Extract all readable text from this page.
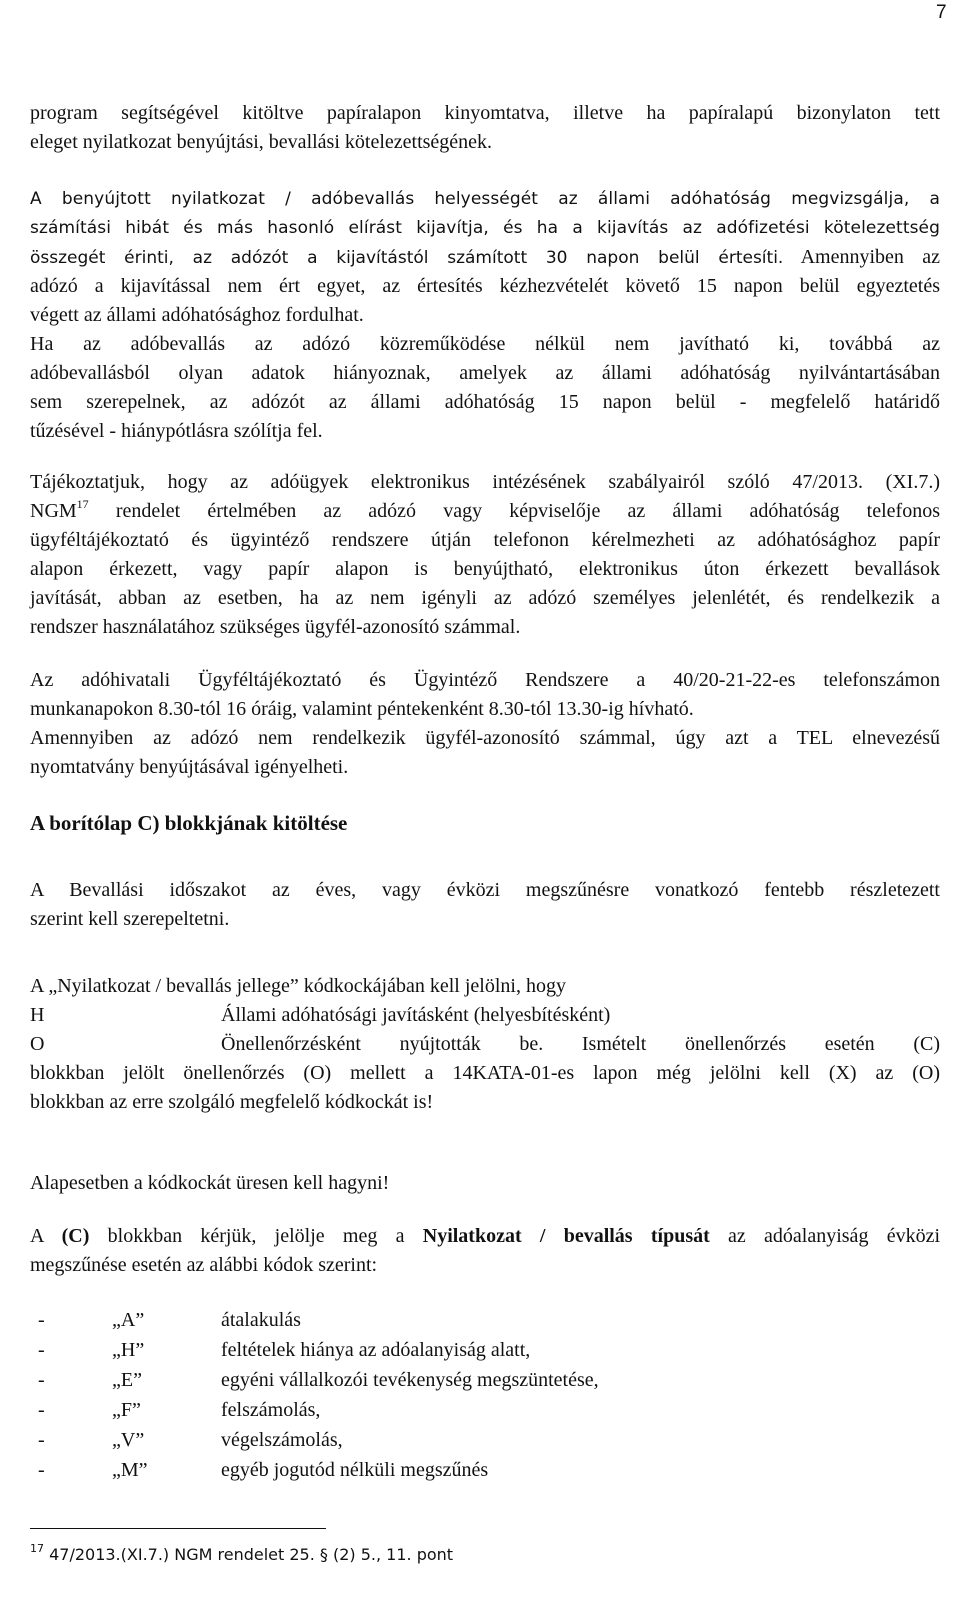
7
program segítségével kitöltve papíralapon kinyomtatva, illetve ha papíralapú bizonylaton tett
eleget nyilatkozat benyújtási, bevallási kötelezettségének.
A benyújtott nyilatkozat / adóbevallás helyességét az állami adóhatóság megvizsgálja, a
számítási hibát és más hasonló elírást kijavítja, és ha a kijavítás az adófizetési kötelezettség
összegét érinti, az adózót a kijavítástól számított 30 napon belül értesíti. Amennyiben az
adózó a kijavítással nem ért egyet, az értesítés kézhezvételét követő 15 napon belül egyeztetés
végett az állami adóhatósághoz fordulhat.
Ha az adóbevallás az adózó közreműködése nélkül nem javítható ki, továbbá az
adóbevallásból olyan adatok hiányoznak, amelyek az állami adóhatóság nyilvántartásában
sem szerepelnek, az adózót az állami adóhatóság 15 napon belül - megfelelő határidő
tűzésével - hiánypótlásra szólítja fel.
Tájékoztatjuk, hogy az adóügyek elektronikus intézésének szabályairól szóló 47/2013. (XI.7.)
NGM$^{17}$ rendelet értelmében az adózó vagy képviselője az állami adóhatóság telefonos
ügyféltájékoztató és ügyintéző rendszere útján telefonon kérelmezheti az adóhatósághoz papír
alapon érkezett, vagy papír alapon is benyújtható, elektronikus úton érkezett bevallások
javítását, abban az esetben, ha az nem igényli az adózó személyes jelenlétét, és rendelkezik a
rendszer használatához szükséges ügyfél-azonosító számmal.
Az adóhivatali Ügyféltájékoztató és Ügyintéző Rendszere a 40/20-21-22-es telefonszámon
munkanapokon 8.30-tól 16 óráig, valamint péntekenként 8.30-tól 13.30-ig hívható.
Amennyiben az adózó nem rendelkezik ügyfél-azonosító számmal, úgy azt a TEL elnevezésű
nyomtatvány benyújtásával igényelheti.
A borítólap C) blokkjának kitöltése
A Bevallási időszakot az éves, vagy évközi megszűnésre vonatkozó fentebb részletezett
szerint kell szerepeltetni.
A „Nyilatkozat / bevallás jellege” kódkockájában kell jelölni, hogy
H	Állami adóhatósági javításként (helyesbítésként)
O	Önellenőrzésként nyújtották be. Ismételt önellenőrzés esetén (C)
blokkban jelölt önellenőrzés (O) mellett a 14KATA-01-es lapon még jelölni kell (X) az (O)
blokkban az erre szolgáló megfelelő kódkockát is!
Alapesetben a kódkockát üresen kell hagyni!
A (C) blokkban kérjük, jelölje meg a Nyilatkozat / bevallás típusát az adóalanyiság évközi
megszűnése esetén az alábbi kódok szerint:
-	„A”	átalakulás
-	„H”	feltételek hiánya az adóalanyiság alatt,
-	„E”	egyéni vállalkozói tevékenység megszüntetése,
-	„F”	felszámolás,
-	„V”	végelszámolás,
-	„M”	egyéb jogutód nélküli megszűnés
$^{17}$ 47/2013.(XI.7.) NGM rendelet 25. § (2) 5., 11. pont
